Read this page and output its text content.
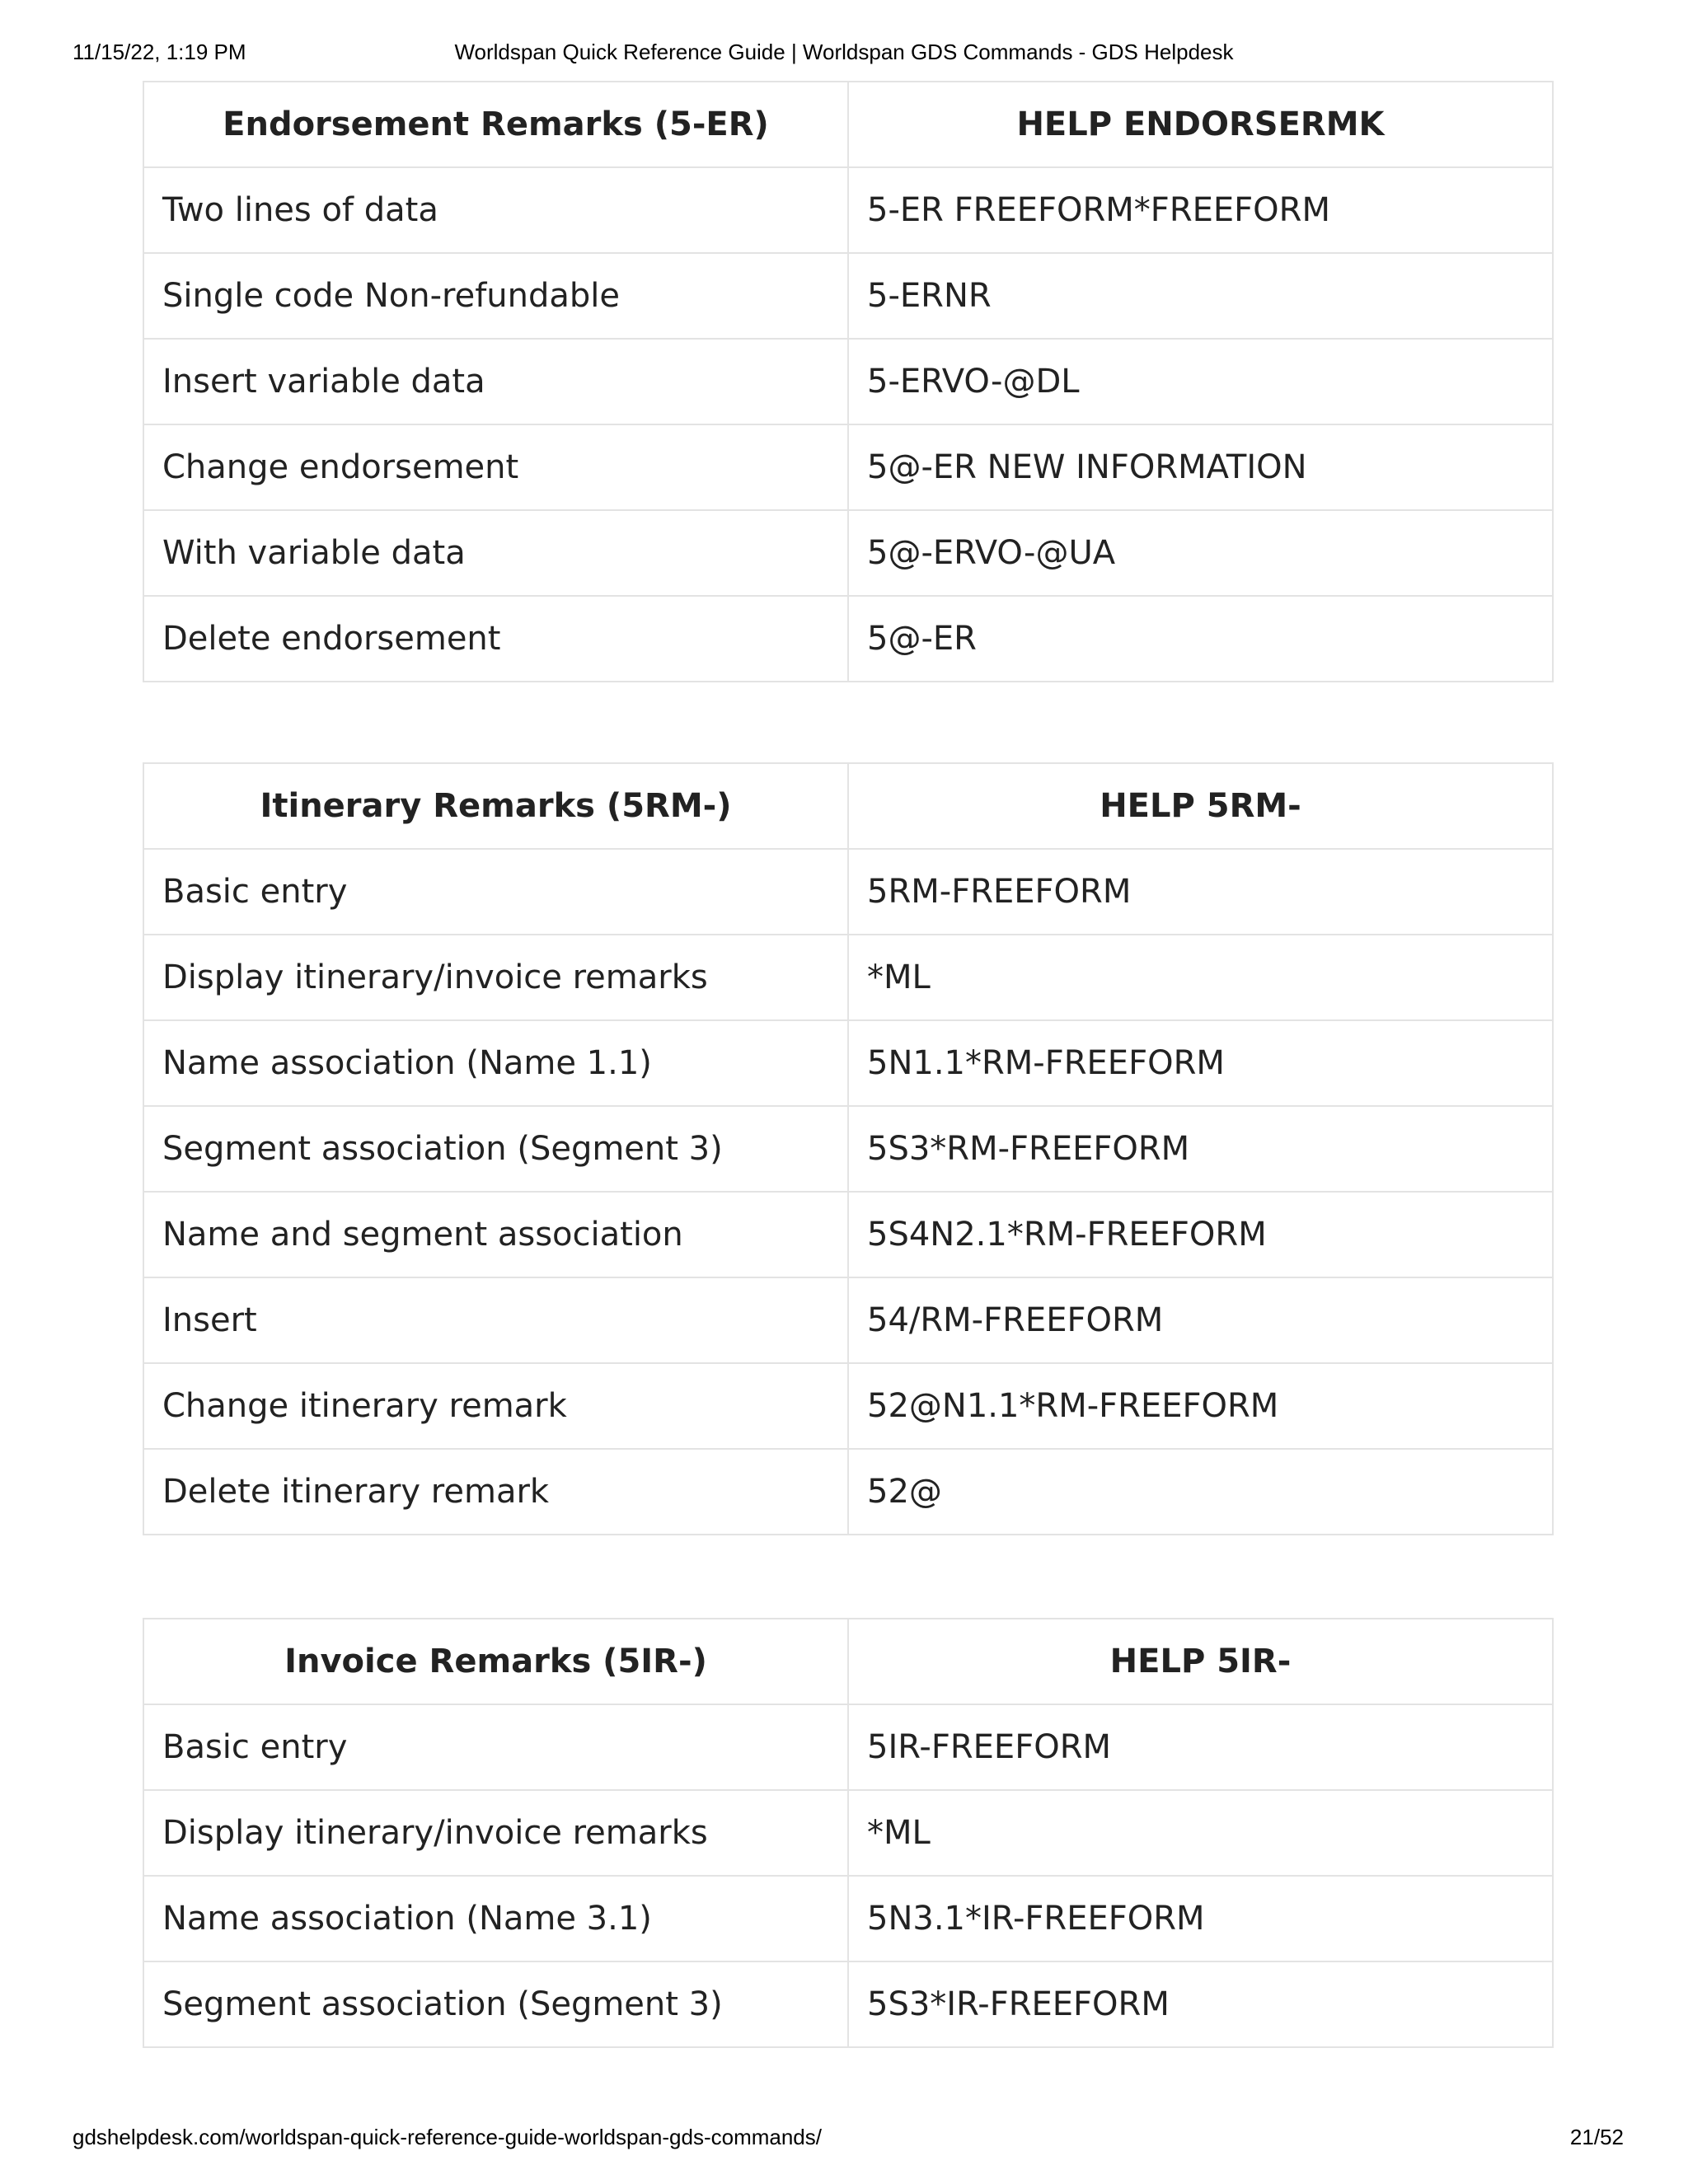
11/15/22, 1:19 PM	Worldspan Quick Reference Guide | Worldspan GDS Commands - GDS Helpdesk
Endorsement Remarks (5-ER)	HELP ENDORSERMK
Two lines of data	5-ER FREEFORM*FREEFORM
Single code Non-refundable	5-ERNR
Insert variable data	5-ERVO-@DL
Change endorsement	5@-ER NEW INFORMATION
With variable data	5@-ERVO-@UA
Delete endorsement	5@-ER
Itinerary Remarks (5RM-)	HELP 5RM-
Basic entry	5RM-FREEFORM
Display itinerary/invoice remarks	*ML
Name association (Name 1.1)	5N1.1*RM-FREEFORM
Segment association (Segment 3)	5S3*RM-FREEFORM
Name and segment association	5S4N2.1*RM-FREEFORM
Insert	54/RM-FREEFORM
Change itinerary remark	52@N1.1*RM-FREEFORM
Delete itinerary remark	52@
Invoice Remarks (5IR-)	HELP 5IR-
Basic entry	5IR-FREEFORM
Display itinerary/invoice remarks	*ML
Name association (Name 3.1)	5N3.1*IR-FREEFORM
Segment association (Segment 3)	5S3*IR-FREEFORM
gdshelpdesk.com/worldspan-quick-reference-guide-worldspan-gds-commands/	21/52
